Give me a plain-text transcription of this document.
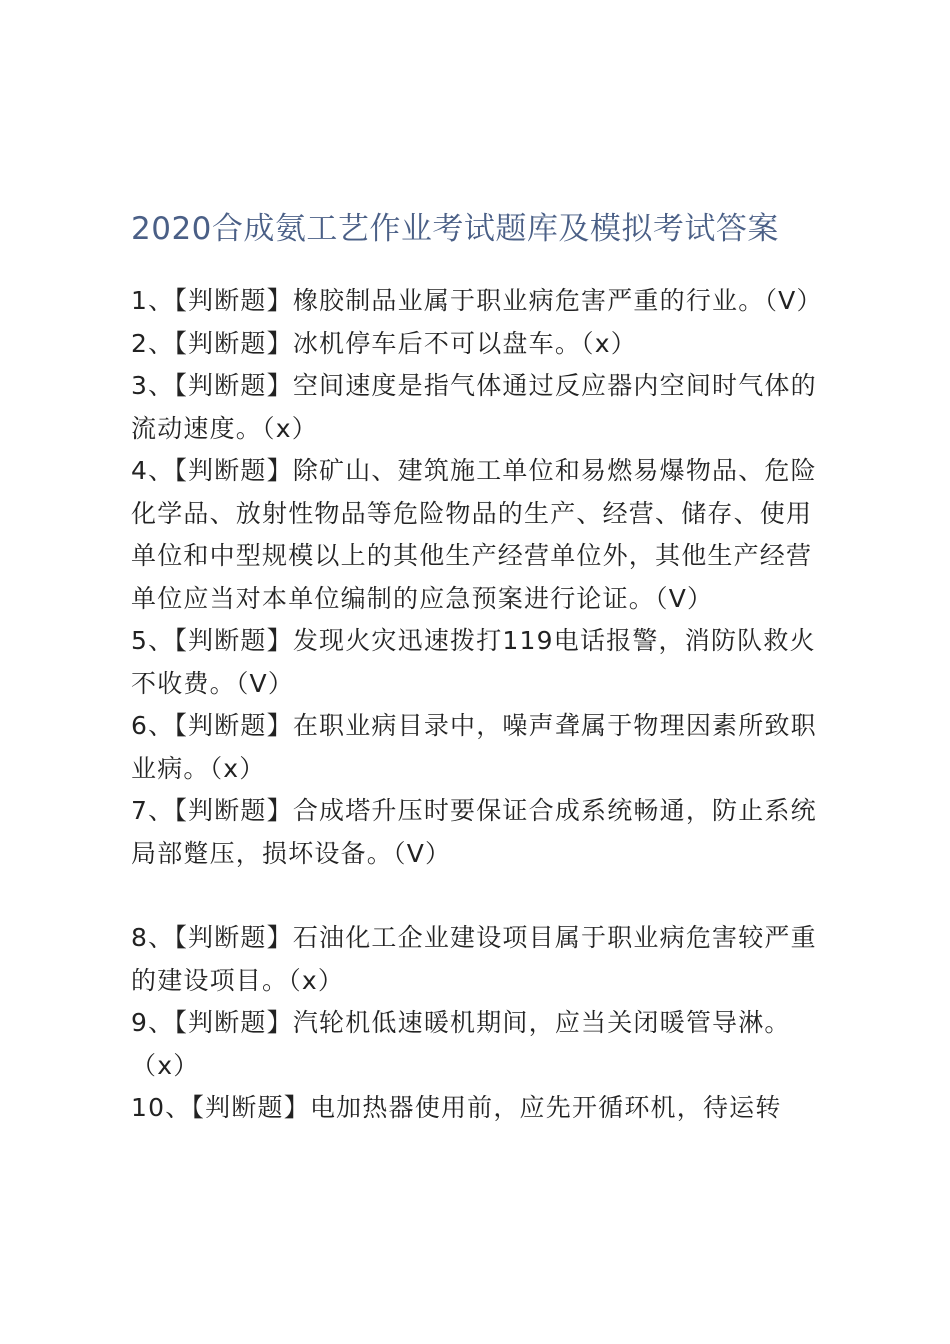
2020合成氨工艺作业考试题库及模拟考试答案
1、【判断题】橡胶制品业属于职业病危害严重的行业。（V）
2、【判断题】冰机停车后不可以盘车。（x）
3、【判断题】空间速度是指气体通过反应器内空间时气体的流动速度。（x）
4、【判断题】除矿山、建筑施工单位和易燃易爆物品、危险化学品、放射性物品等危险物品的生产、经营、储存、使用单位和中型规模以上的其他生产经营单位外，其他生产经营单位应当对本单位编制的应急预案进行论证。（V）
5、【判断题】发现火灾迅速拨打119电话报警，消防队救火不收费。（V）
6、【判断题】在职业病目录中，噪声聋属于物理因素所致职业病。（x）
7、【判断题】合成塔升压时要保证合成系统畅通，防止系统局部蹩压，损坏设备。（V）
8、【判断题】石油化工企业建设项目属于职业病危害较严重的建设项目。（x）
9、【判断题】汽轮机低速暖机期间，应当关闭暖管导淋。（x）
10、【判断题】电加热器使用前，应先开循环机，待运转
